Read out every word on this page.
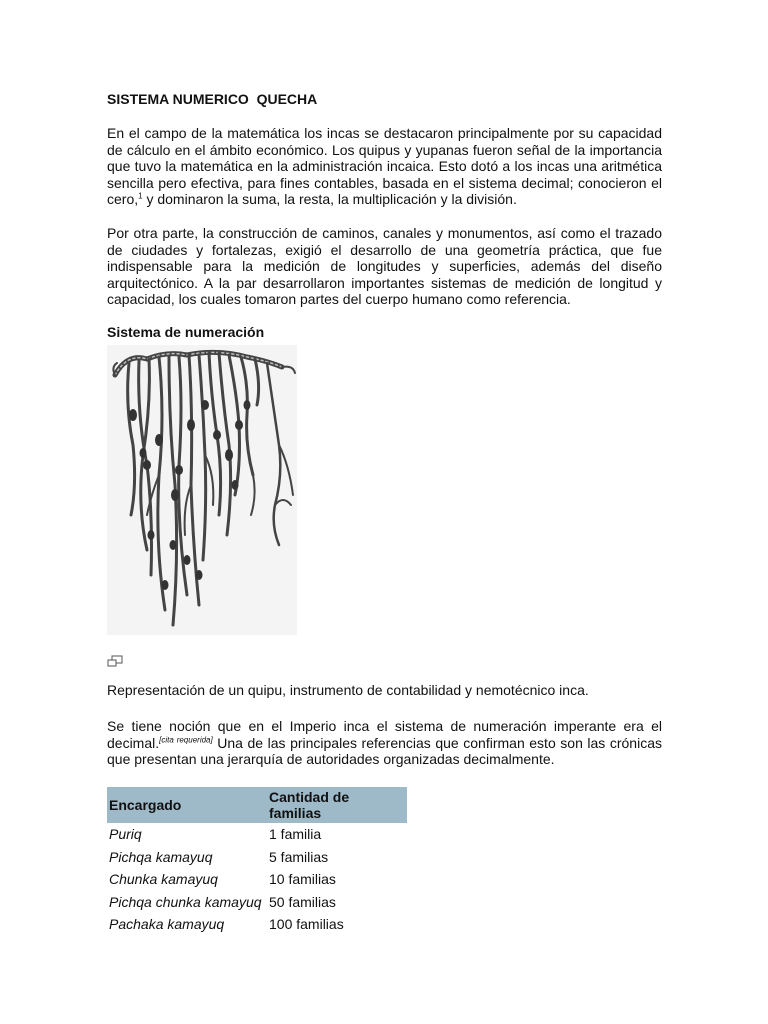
SISTEMA NUMERICO  QUECHA

En el campo de la matemática los incas se destacaron principalmente por su capacidad de cálculo en el ámbito económico. Los quipus y yupanas fueron señal de la importancia que tuvo la matemática en la administración incaica. Esto dotó a los incas una aritmética sencilla pero efectiva, para fines contables, basada en el sistema decimal; conocieron el cero,$^1$ y dominaron la suma, la resta, la multiplicación y la división.

Por otra parte, la construcción de caminos, canales y monumentos, así como el trazado de ciudades y fortalezas, exigió el desarrollo de una geometría práctica, que fue indispensable para la medición de longitudes y superficies, además del diseño arquitectónico. A la par desarrollaron importantes sistemas de medición de longitud y capacidad, los cuales tomaron partes del cuerpo humano como referencia.

Sistema de numeración

Representación de un quipu, instrumento de contabilidad y nemotécnico inca.

Se tiene noción que en el Imperio inca el sistema de numeración imperante era el decimal.[cita requerida] Una de las principales referencias que confirman esto son las crónicas que presentan una jerarquía de autoridades organizadas decimalmente.

Encargado	Cantidad de familias
Puriq	1 familia
Pichqa kamayuq	5 familias
Chunka kamayuq	10 familias
Pichqa chunka kamayuq	50 familias
Pachaka kamayuq	100 familias
